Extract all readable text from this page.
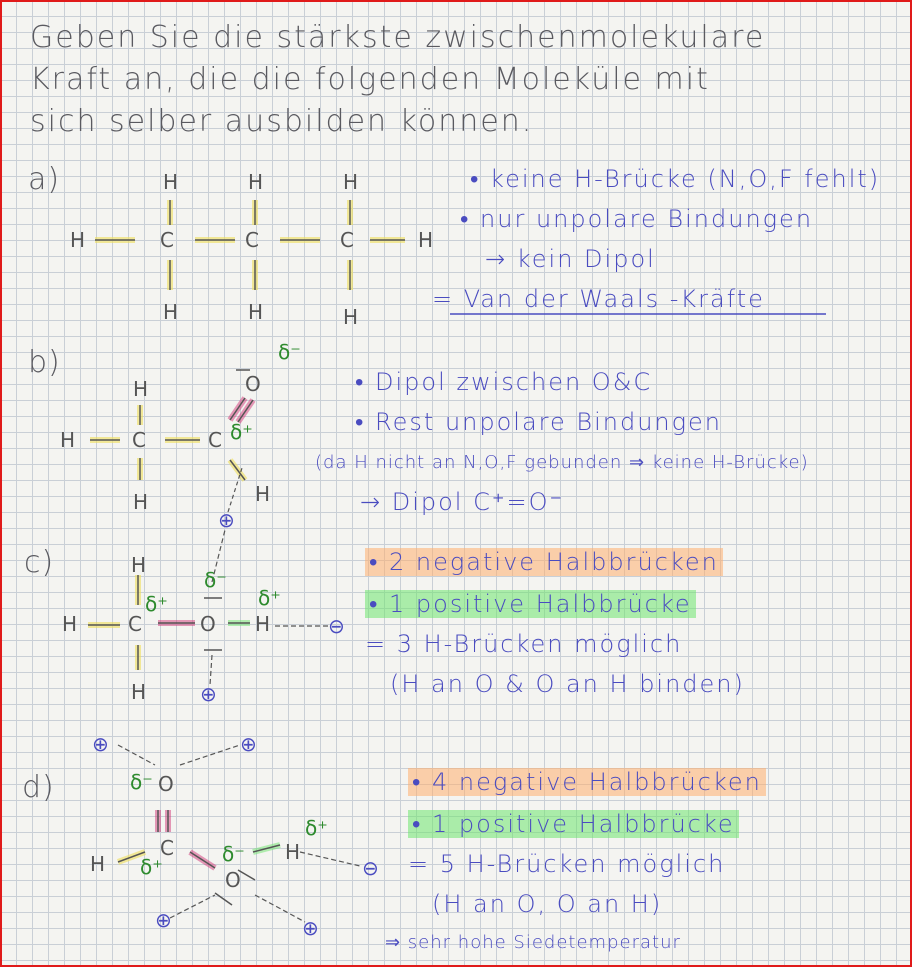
Geben Sie die stärkste zwischenmolekulare
Kraft an, die die folgenden Moleküle mit
sich selber ausbilden können.
a)	H	H	H
H	C	C	C	H
H	H	H
• keine H-Brücke (N,O,F fehlt)
• nur unpolare Bindungen
→ kein Dipol
= Van der Waals -Kräfte
b)
H
H	C	C
H	H
O
δ⁻
δ⁺
⊕
• Dipol zwischen O&C
• Rest unpolare Bindungen
(da H nicht an N,O,F gebunden ⇒ keine H-Brücke)
→ Dipol C⁺=O⁻
c)	H
H	C	O H
H
δ⁺
δ⁻
δ⁺
⊖
⊕
• 2 negative Halbbrücken
• 1 positive Halbbrücke
= 3 H-Brücken möglich
(H an O & O an H binden)
d)
⊕	⊕
δ⁻ O
C
H δ⁺
δ⁻
O
H
δ⁺
⊖
⊕	⊕
• 4 negative Halbbrücken
• 1 positive Halbbrücke
= 5 H-Brücken möglich
(H an O, O an H)
⇒ sehr hohe Siedetemperatur
